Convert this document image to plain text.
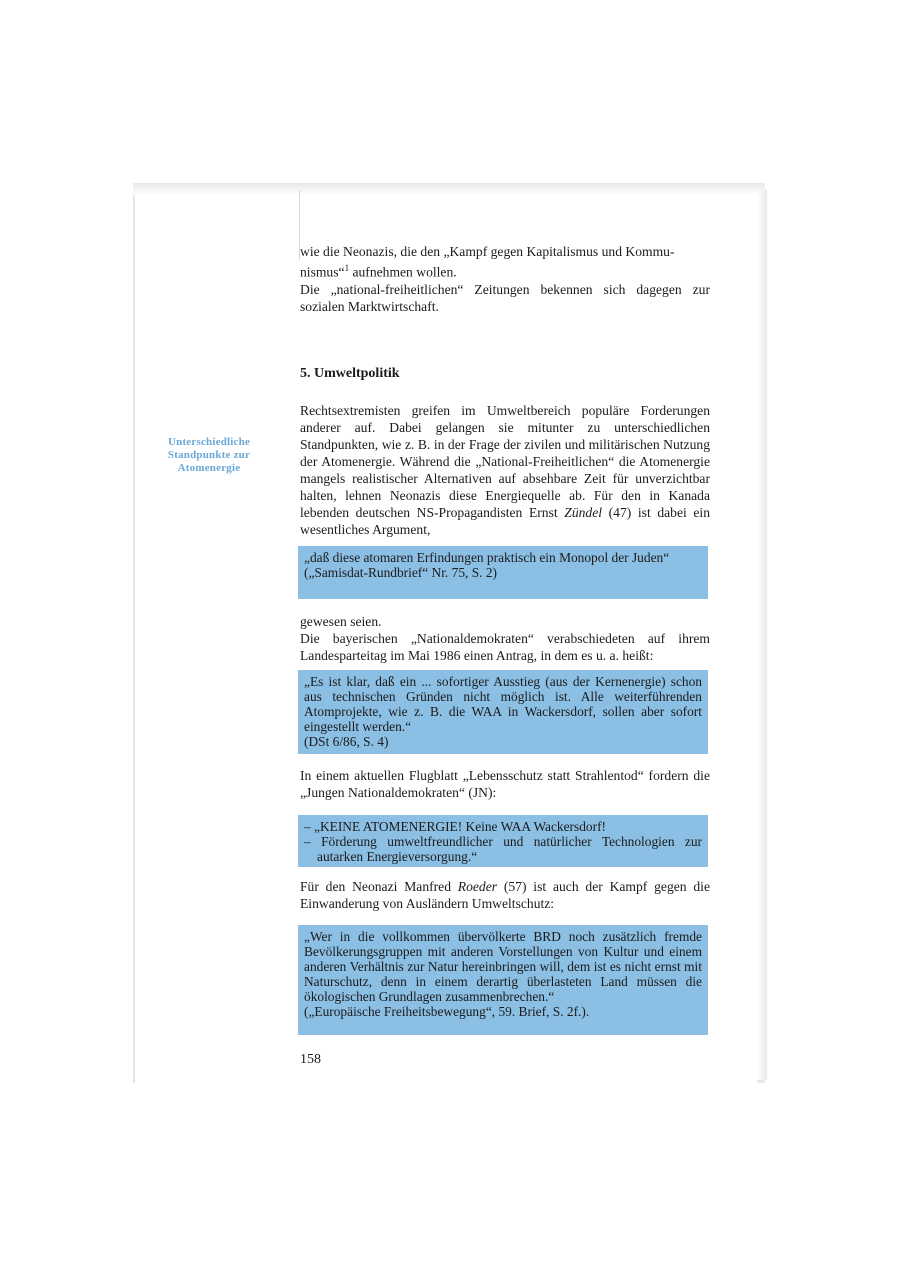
Unterschiedliche
Standpunkte zur
Atomenergie

wie die Neonazis, die den „Kampf gegen Kapitalismus und Kommu-

nismus“$^1$ aufnehmen wollen.

Die „national-freiheitlichen“ Zeitungen bekennen sich dagegen zur sozialen Marktwirtschaft.

5. Umweltpolitik

Rechtsextremisten greifen im Umweltbereich populäre Forderungen anderer auf. Dabei gelangen sie mitunter zu unterschiedlichen Standpunkten, wie z. B. in der Frage der zivilen und militärischen Nutzung der Atomenergie. Während die „National-Freiheitlichen“ die Atomenergie mangels realistischer Alternativen auf absehbare Zeit für unverzichtbar halten, lehnen Neonazis diese Energiequelle ab. Für den in Kanada lebenden deutschen NS-Propagandisten Ernst Zündel (47) ist dabei ein wesentliches Argument,

„daß diese atomaren Erfindungen praktisch ein Monopol der Juden“

(„Samisdat-Rundbrief“ Nr. 75, S. 2)

gewesen seien.

Die bayerischen „Nationaldemokraten“ verabschiedeten auf ihrem Landesparteitag im Mai 1986 einen Antrag, in dem es u. a. heißt:

„Es ist klar, daß ein ... sofortiger Ausstieg (aus der Kernenergie) schon aus technischen Gründen nicht möglich ist. Alle weiterführenden Atomprojekte, wie z. B. die WAA in Wackersdorf, sollen aber sofort eingestellt werden.“

(DSt 6/86, S. 4)

In einem aktuellen Flugblatt „Lebensschutz statt Strahlentod“ fordern die „Jungen Nationaldemokraten“ (JN):

– „KEINE ATOMENERGIE! Keine WAA Wackersdorf!

– Förderung umweltfreundlicher und natürlicher Technologien zur autarken Energieversorgung.“

Für den Neonazi Manfred Roeder (57) ist auch der Kampf gegen die Einwanderung von Ausländern Umweltschutz:

„Wer in die vollkommen übervölkerte BRD noch zusätzlich fremde Bevölkerungsgruppen mit anderen Vorstellungen von Kultur und einem anderen Verhältnis zur Natur hereinbringen will, dem ist es nicht ernst mit Naturschutz, denn in einem derartig überlasteten Land müssen die ökologischen Grundlagen zusammenbrechen.“

(„Europäische Freiheitsbewegung“, 59. Brief, S. 2f.).

158
